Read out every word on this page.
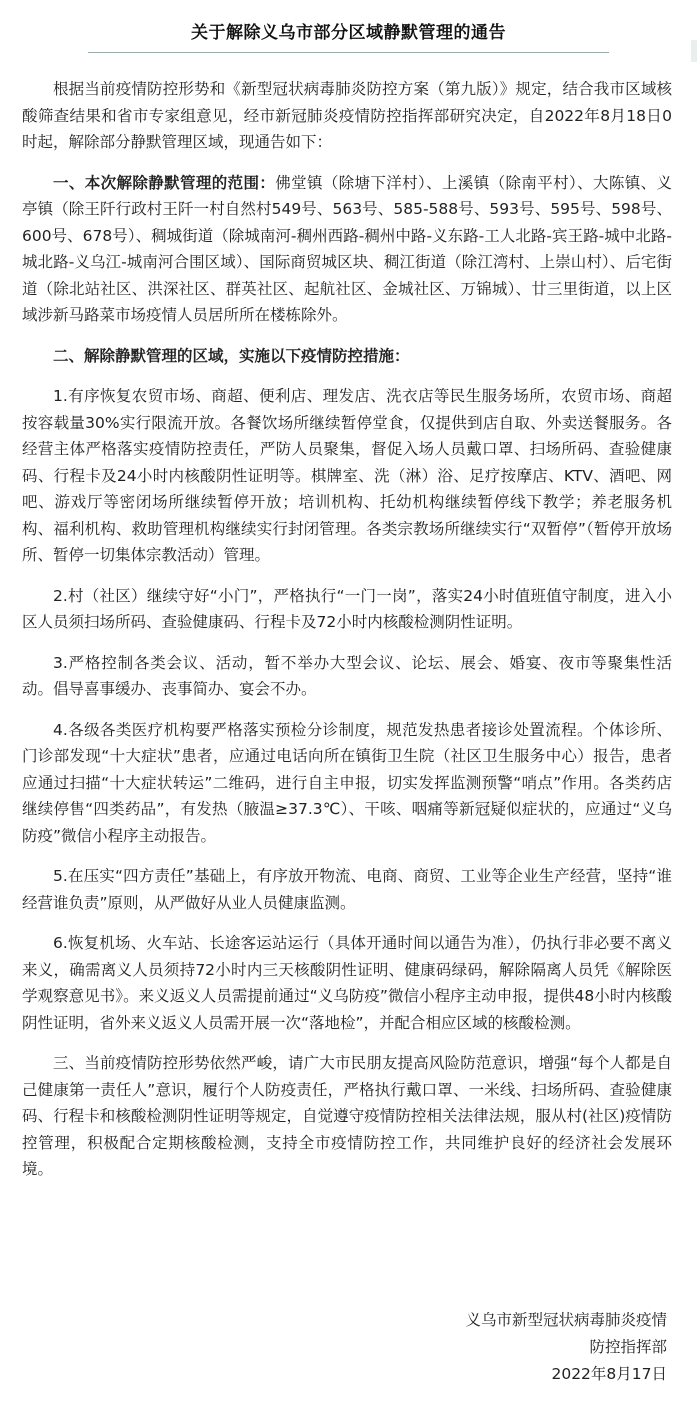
关于解除义乌市部分区域静默管理的通告

根据当前疫情防控形势和《新型冠状病毒肺炎防控方案（第九版）》规定，结合我市区域核酸筛查结果和省市专家组意见，经市新冠肺炎疫情防控指挥部研究决定，自2022年8月18日0时起，解除部分静默管理区域，现通告如下：

一、本次解除静默管理的范围：佛堂镇（除塘下洋村）、上溪镇（除南平村）、大陈镇、义亭镇（除王阡行政村王阡一村自然村549号、563号、585-588号、593号、595号、598号、600号、678号）、稠城街道（除城南河-稠州西路-稠州中路-义东路-工人北路-宾王路-城中北路-城北路-义乌江-城南河合围区域）、国际商贸城区块、稠江街道（除江湾村、上崇山村）、后宅街道（除北站社区、洪深社区、群英社区、起航社区、金城社区、万锦城）、廿三里街道，以上区域涉新马路菜市场疫情人员居所所在楼栋除外。

二、解除静默管理的区域，实施以下疫情防控措施：

1.有序恢复农贸市场、商超、便利店、理发店、洗衣店等民生服务场所，农贸市场、商超按容载量30%实行限流开放。各餐饮场所继续暂停堂食，仅提供到店自取、外卖送餐服务。各经营主体严格落实疫情防控责任，严防人员聚集，督促入场人员戴口罩、扫场所码、查验健康码、行程卡及24小时内核酸阴性证明等。棋牌室、洗（淋）浴、足疗按摩店、KTV、酒吧、网吧、游戏厅等密闭场所继续暂停开放；培训机构、托幼机构继续暂停线下教学；养老服务机构、福利机构、救助管理机构继续实行封闭管理。各类宗教场所继续实行“双暂停”（暂停开放场所、暂停一切集体宗教活动）管理。

2.村（社区）继续守好“小门”，严格执行“一门一岗”，落实24小时值班值守制度，进入小区人员须扫场所码、查验健康码、行程卡及72小时内核酸检测阴性证明。

3.严格控制各类会议、活动，暂不举办大型会议、论坛、展会、婚宴、夜市等聚集性活动。倡导喜事缓办、丧事简办、宴会不办。

4.各级各类医疗机构要严格落实预检分诊制度，规范发热患者接诊处置流程。个体诊所、门诊部发现“十大症状”患者，应通过电话向所在镇街卫生院（社区卫生服务中心）报告，患者应通过扫描“十大症状转运”二维码，进行自主申报，切实发挥监测预警“哨点”作用。各类药店继续停售“四类药品”，有发热（腋温≥37.3℃）、干咳、咽痛等新冠疑似症状的，应通过“义乌防疫”微信小程序主动报告。

5.在压实“四方责任”基础上，有序放开物流、电商、商贸、工业等企业生产经营，坚持“谁经营谁负责”原则，从严做好从业人员健康监测。

6.恢复机场、火车站、长途客运站运行（具体开通时间以通告为准），仍执行非必要不离义来义，确需离义人员须持72小时内三天核酸阴性证明、健康码绿码，解除隔离人员凭《解除医学观察意见书》。来义返义人员需提前通过“义乌防疫”微信小程序主动申报，提供48小时内核酸阴性证明，省外来义返义人员需开展一次“落地检”，并配合相应区域的核酸检测。

三、当前疫情防控形势依然严峻，请广大市民朋友提高风险防范意识，增强“每个人都是自己健康第一责任人”意识，履行个人防疫责任，严格执行戴口罩、一米线、扫场所码、查验健康码、行程卡和核酸检测阴性证明等规定，自觉遵守疫情防控相关法律法规，服从村(社区)疫情防控管理，积极配合定期核酸检测，支持全市疫情防控工作，共同维护良好的经济社会发展环境。

义乌市新型冠状病毒肺炎疫情
防控指挥部
2022年8月17日
